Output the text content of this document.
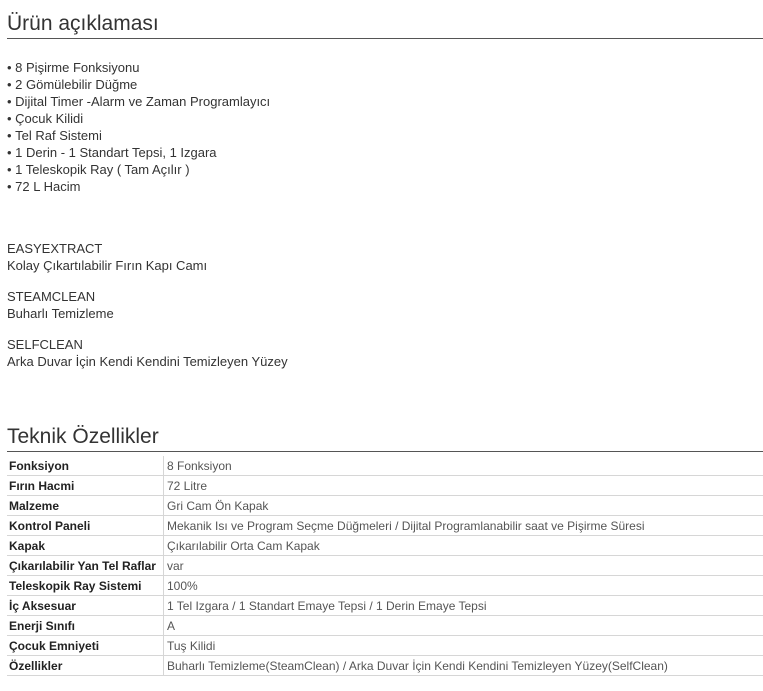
Ürün açıklaması
• 8 Pişirme Fonksiyonu
• 2 Gömülebilir Düğme
• Dijital Timer -Alarm ve Zaman Programlayıcı
• Çocuk Kilidi
• Tel Raf Sistemi
• 1 Derin - 1 Standart Tepsi, 1 Izgara
• 1 Teleskopik Ray ( Tam Açılır )
• 72 L Hacim
EASYEXTRACT
Kolay Çıkartılabilir Fırın Kapı Camı
STEAMCLEAN
Buharlı Temizleme
SELFCLEAN
Arka Duvar İçin Kendi Kendini Temizleyen Yüzey
Teknik Özellikler
Fonksiyon	8 Fonksiyon
Fırın Hacmi	72 Litre
Malzeme	Gri Cam Ön Kapak
Kontrol Paneli	Mekanik Isı ve Program Seçme Düğmeleri / Dijital Programlanabilir saat ve Pişirme Süresi
Kapak	Çıkarılabilir Orta Cam Kapak
Çıkarılabilir Yan Tel Raflar	var
Teleskopik Ray Sistemi	100%
İç Aksesuar	1 Tel Izgara / 1 Standart Emaye Tepsi / 1 Derin Emaye Tepsi
Enerji Sınıfı	A
Çocuk Emniyeti	Tuş Kilidi
Özellikler	Buharlı Temizleme(SteamClean) / Arka Duvar İçin Kendi Kendini Temizleyen Yüzey(SelfClean)
